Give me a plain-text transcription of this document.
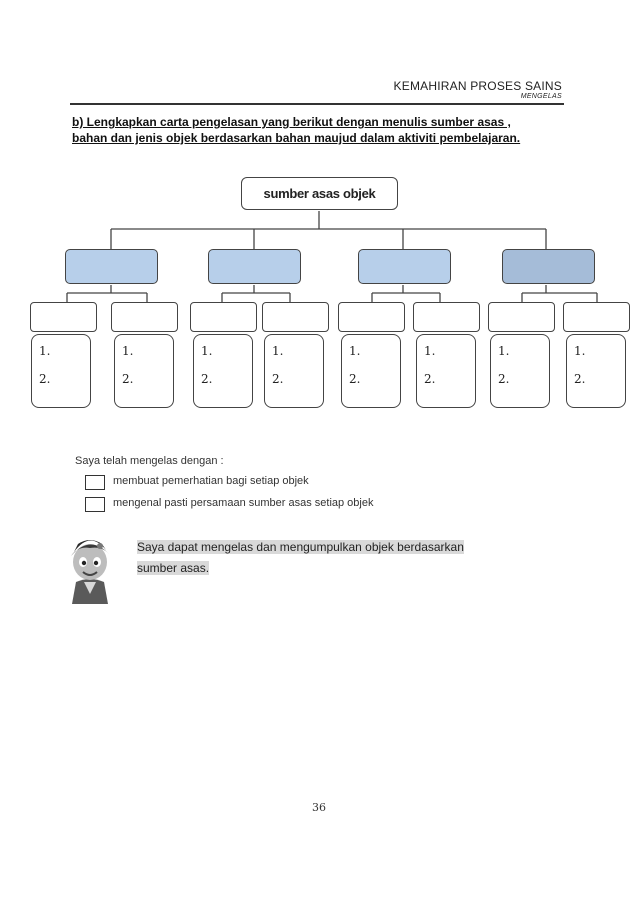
KEMAHIRAN PROSES SAINS
MENGELAS
b) Lengkapkan carta pengelasan yang berikut dengan menulis sumber asas ,
bahan dan jenis objek berdasarkan bahan maujud dalam aktiviti pembelajaran.
sumber asas objek
1.
2.
1.
2.
1.
2.
1.
2.
1.
2.
1.
2.
1.
2.
1.
2.
Saya telah mengelas dengan :
membuat pemerhatian bagi setiap objek
mengenal pasti persamaan sumber asas setiap objek
Saya dapat mengelas dan mengumpulkan objek berdasarkan
sumber asas.
36
